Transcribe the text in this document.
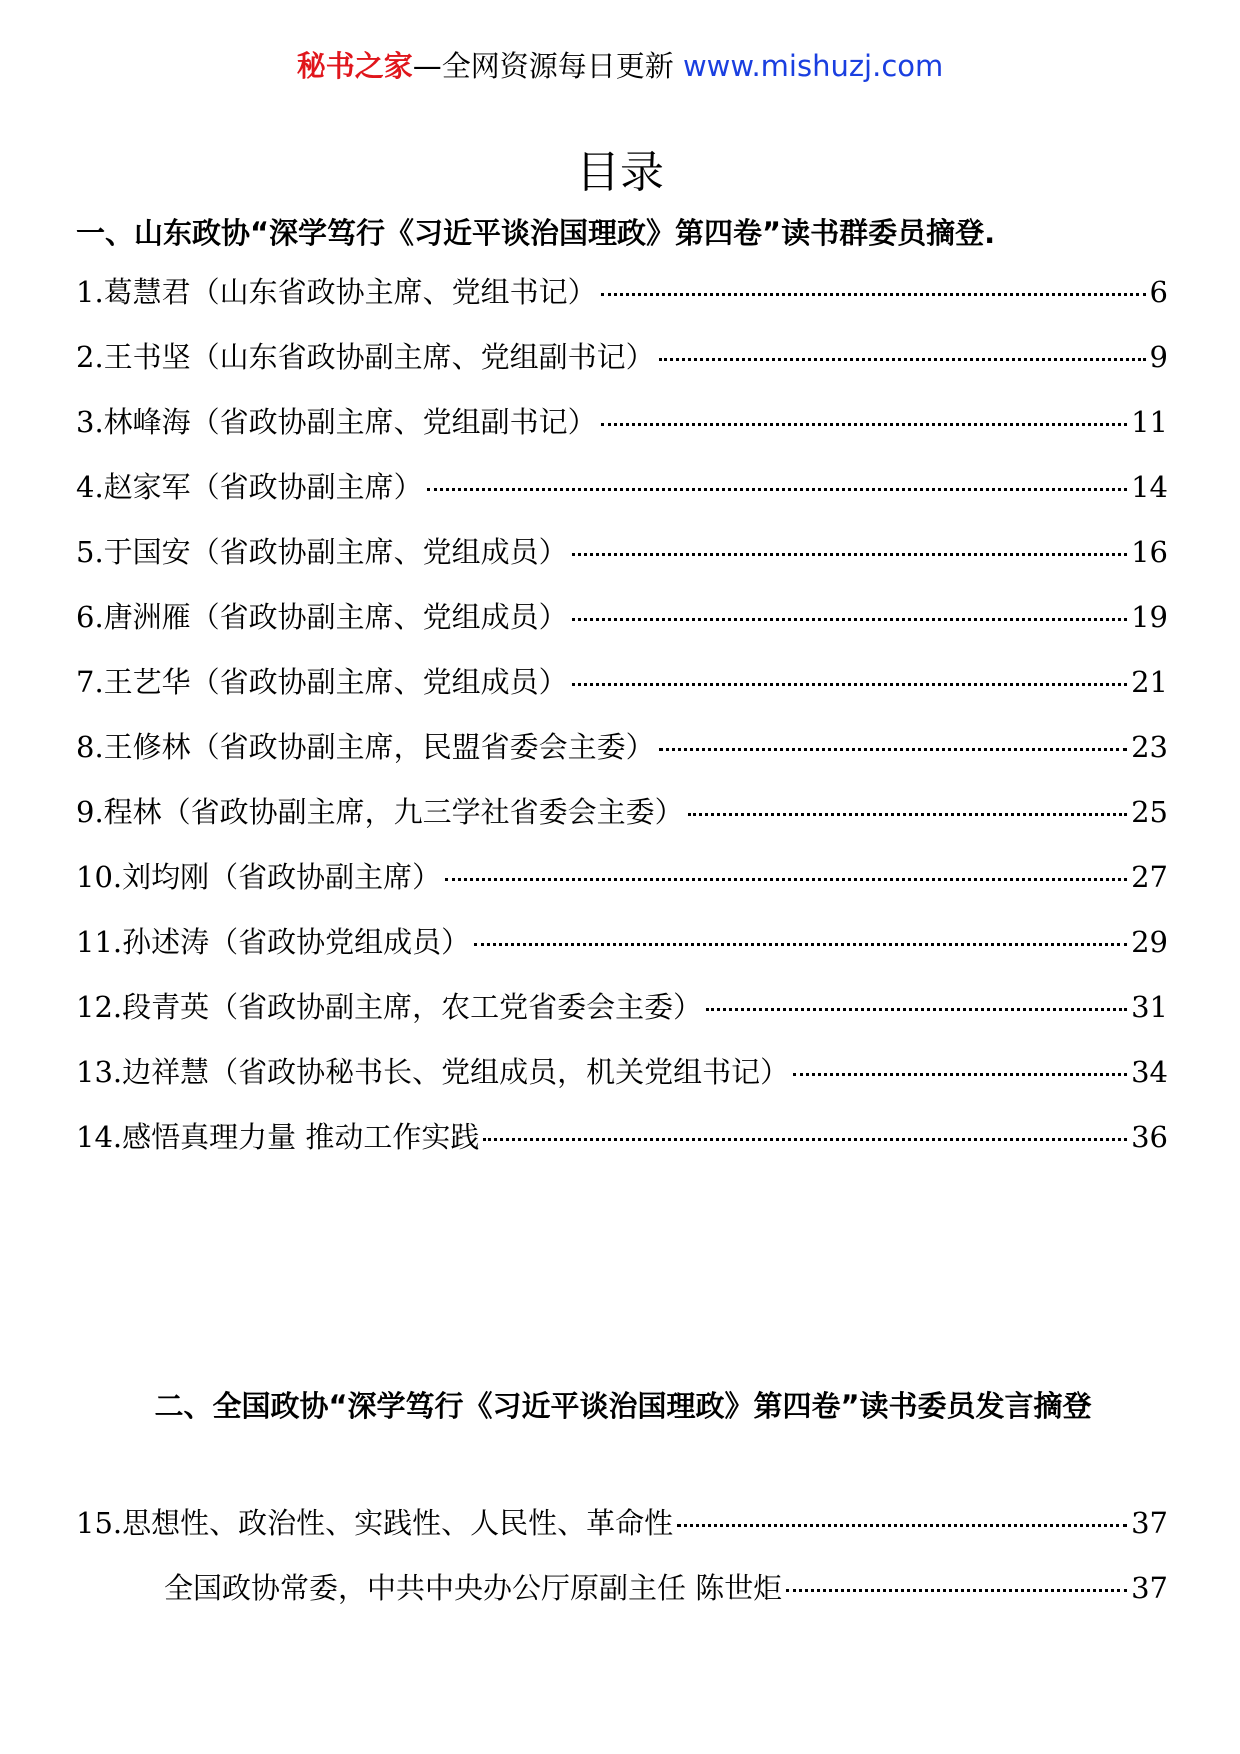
秘书之家—全网资源每日更新 www.mishuzj.com
目录
一、山东政协“深学笃行《习近平谈治国理政》第四卷”读书群委员摘登.
1.葛慧君（山东省政协主席、党组书记）	6
2.王书坚（山东省政协副主席、党组副书记）	9
3.林峰海（省政协副主席、党组副书记）	11
4.赵家军（省政协副主席）	14
5.于国安（省政协副主席、党组成员）	16
6.唐洲雁（省政协副主席、党组成员）	19
7.王艺华（省政协副主席、党组成员）	21
8.王修林（省政协副主席，民盟省委会主委）	23
9.程林（省政协副主席，九三学社省委会主委）	25
10.刘均刚（省政协副主席）	27
11.孙述涛（省政协党组成员）	29
12.段青英（省政协副主席，农工党省委会主委）	31
13.边祥慧（省政协秘书长、党组成员，机关党组书记）	34
14.感悟真理力量 推动工作实践	36
二、全国政协“深学笃行《习近平谈治国理政》第四卷”读书委员发言摘登
15.思想性、政治性、实践性、人民性、革命性	37
全国政协常委，中共中央办公厅原副主任 陈世炬	37
